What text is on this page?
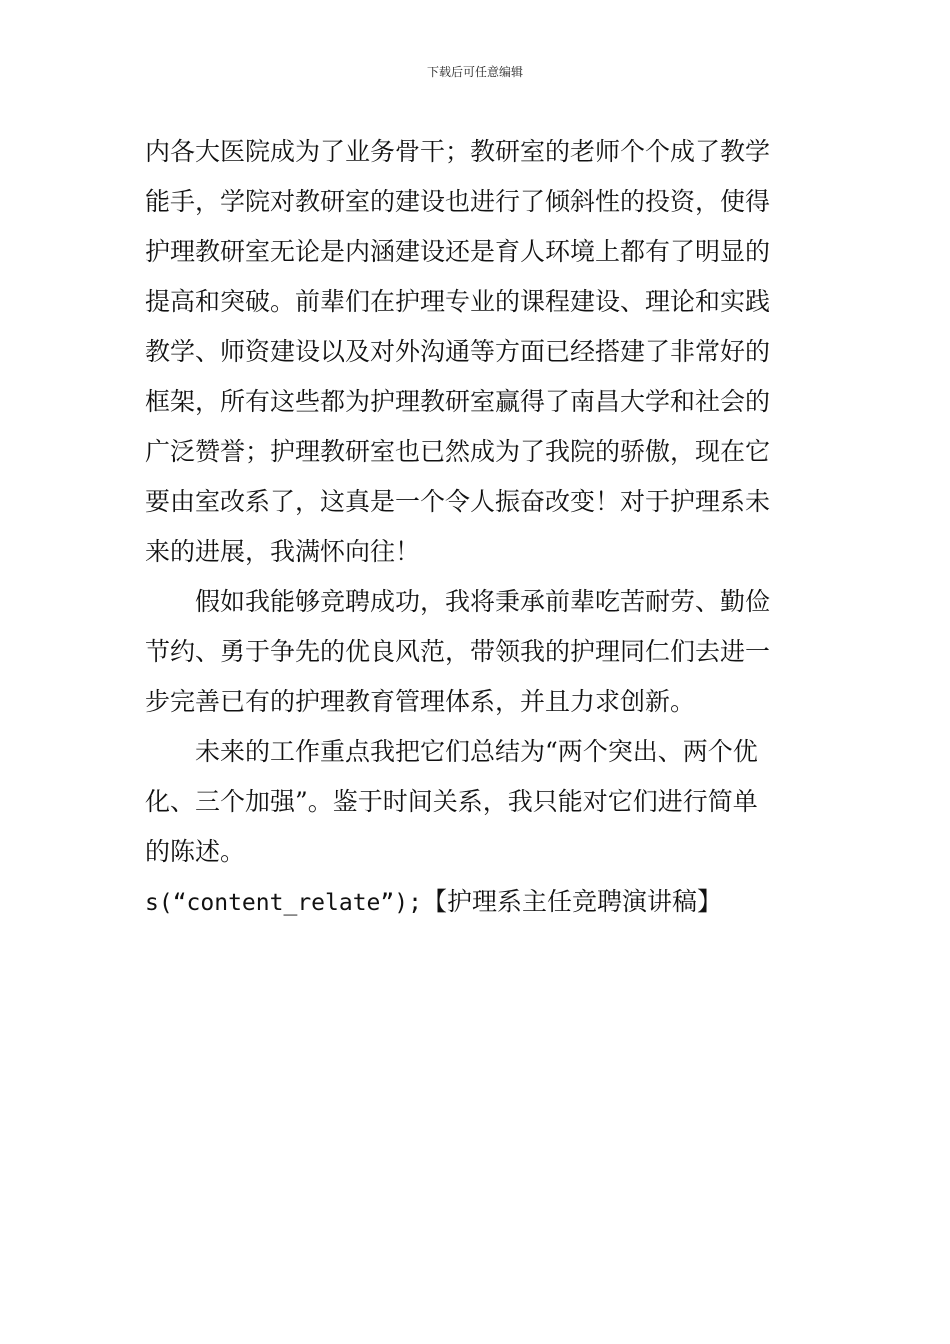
下载后可任意编辑
内各大医院成为了业务骨干；教研室的老师个个成了教学
能手，学院对教研室的建设也进行了倾斜性的投资，使得
护理教研室无论是内涵建设还是育人环境上都有了明显的
提高和突破。前辈们在护理专业的课程建设、理论和实践
教学、师资建设以及对外沟通等方面已经搭建了非常好的
框架，所有这些都为护理教研室赢得了南昌大学和社会的
广泛赞誉；护理教研室也已然成为了我院的骄傲，现在它
要由室改系了，这真是一个令人振奋改变！对于护理系未
来的进展，我满怀向往！
假如我能够竞聘成功，我将秉承前辈吃苦耐劳、勤俭
节约、勇于争先的优良风范，带领我的护理同仁们去进一
步完善已有的护理教育管理体系，并且力求创新。
未来的工作重点我把它们总结为“两个突出、两个优
化、三个加强”。鉴于时间关系，我只能对它们进行简单
的陈述。
s(“content_relate”);【护理系主任竞聘演讲稿】
